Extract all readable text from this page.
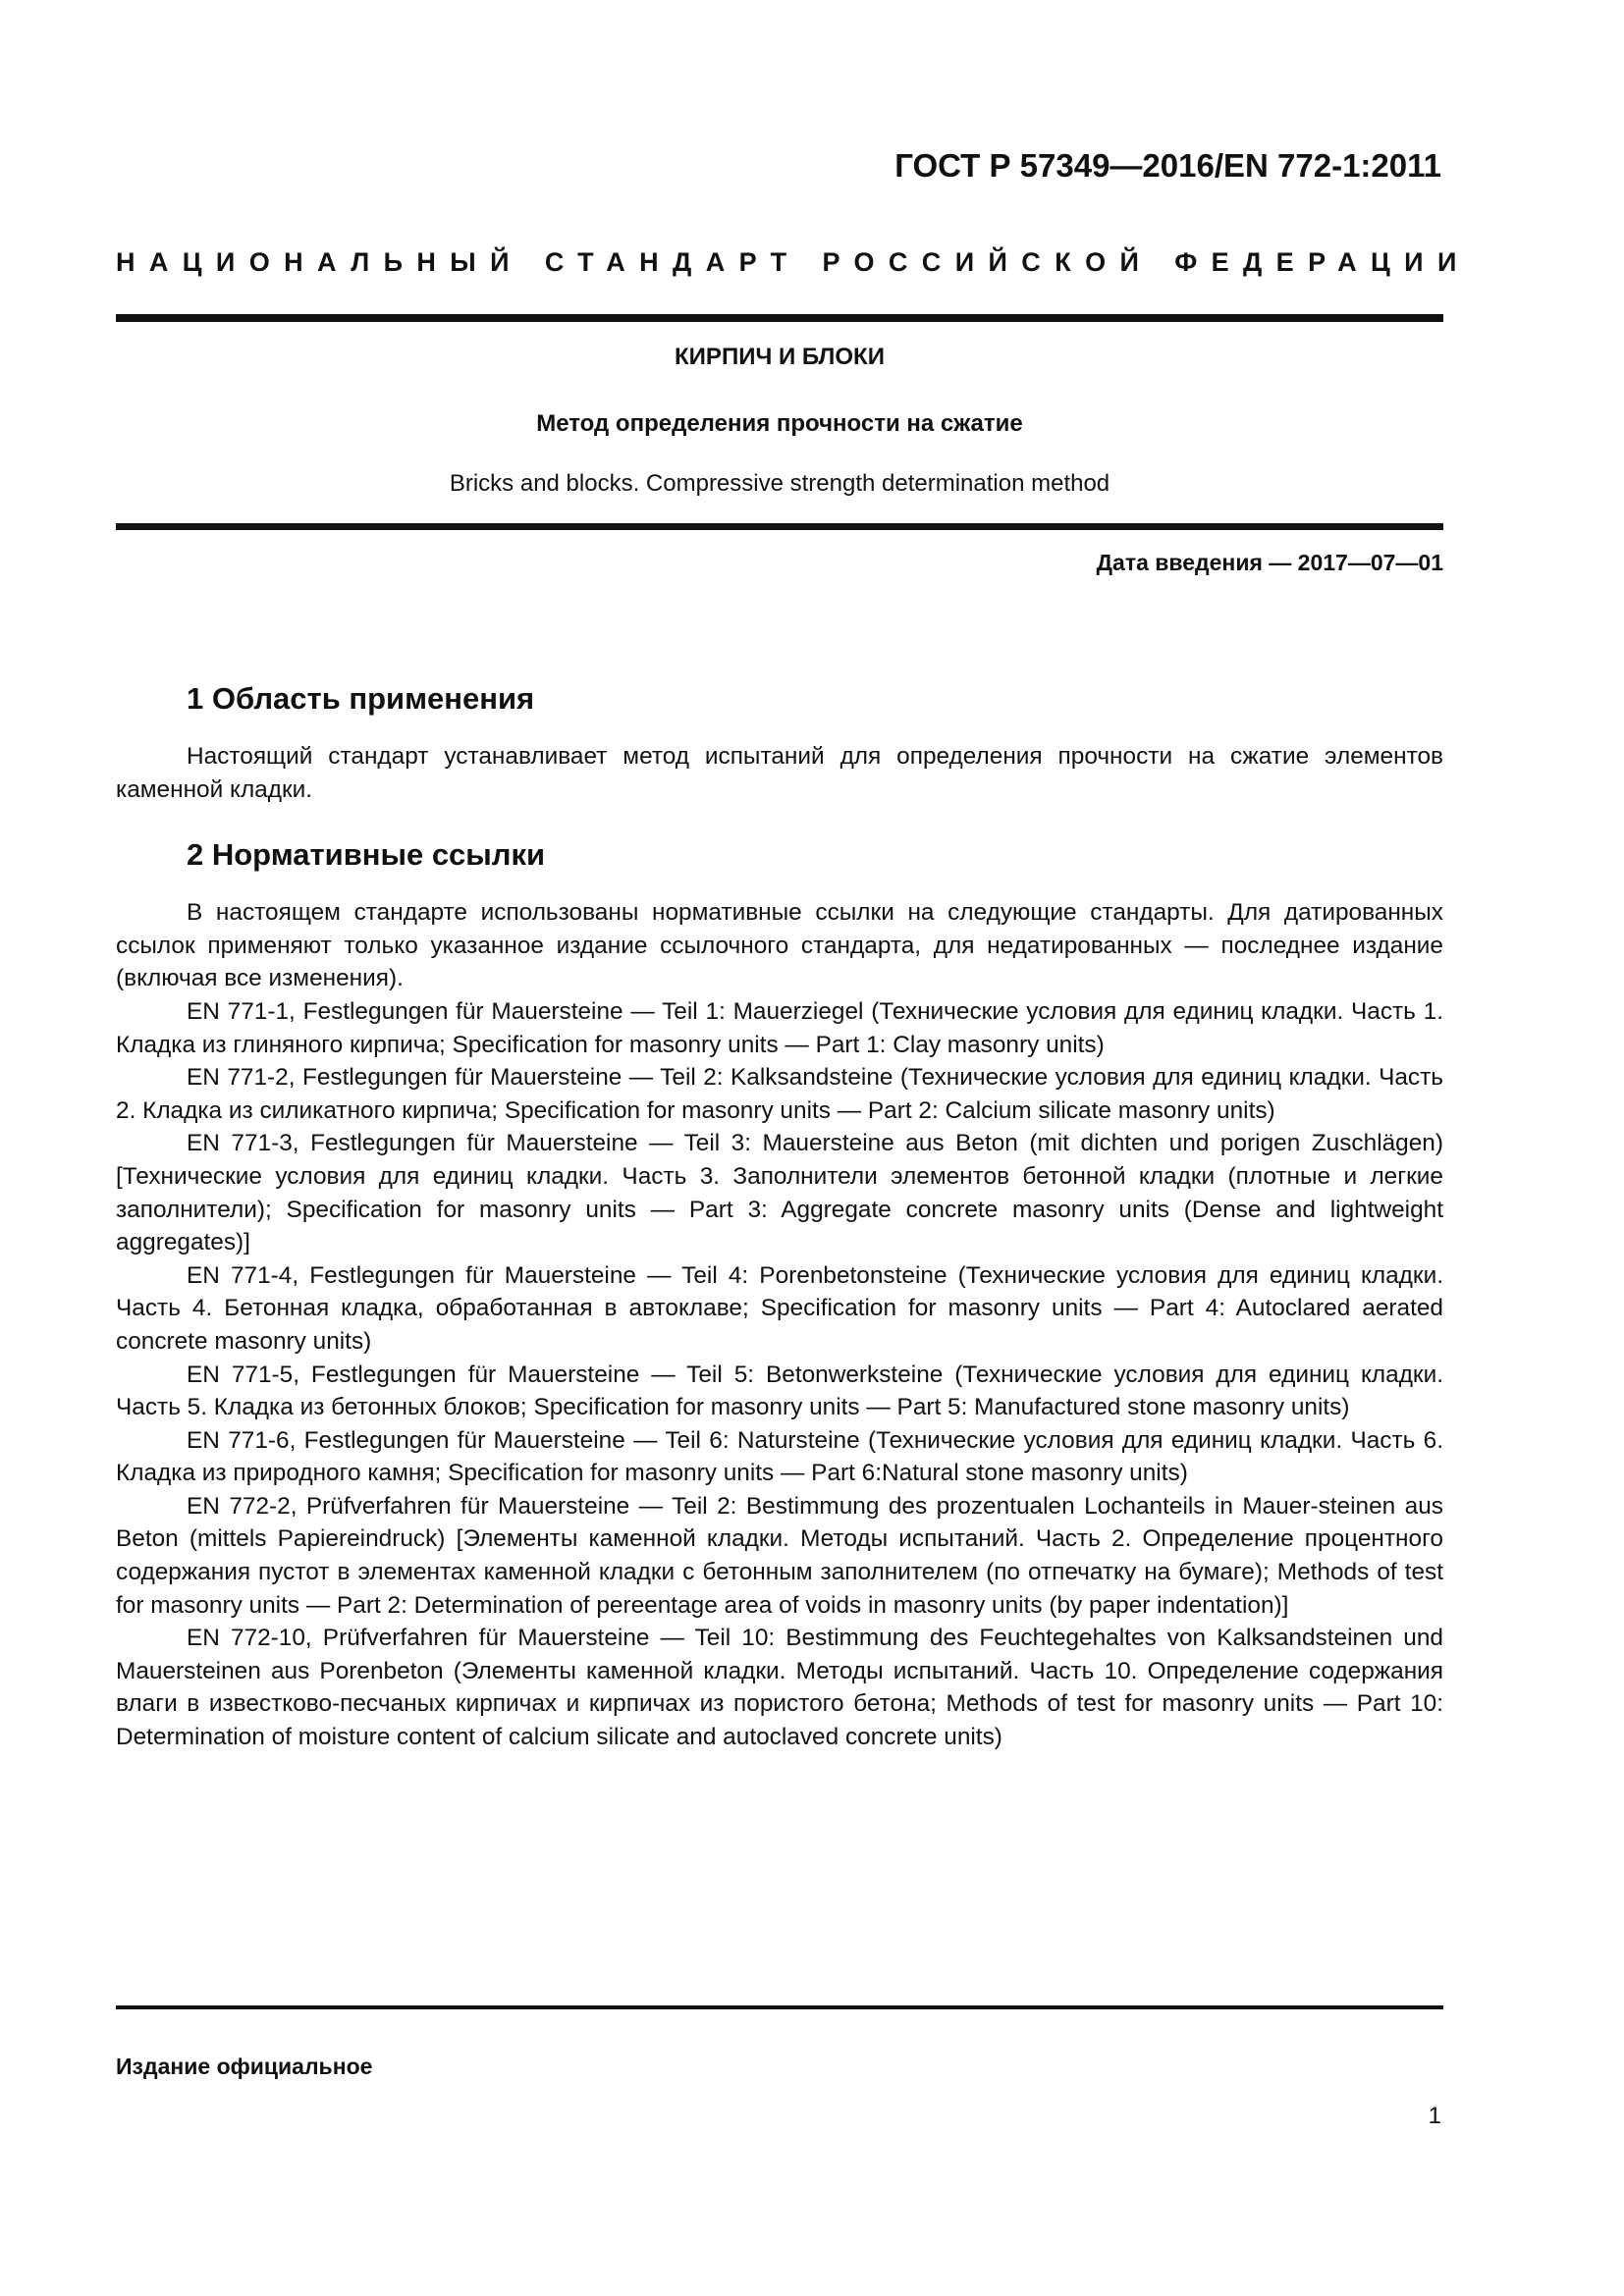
ГОСТ Р 57349—2016/EN 772-1:2011
НАЦИОНАЛЬНЫЙ СТАНДАРТ РОССИЙСКОЙ ФЕДЕРАЦИИ
КИРПИЧ И БЛОКИ
Метод определения прочности на сжатие
Bricks and blocks. Compressive strength determination method
Дата введения — 2017—07—01
1 Область применения

Настоящий стандарт устанавливает метод испытаний для определения прочности на сжатие элементов каменной кладки.

2 Нормативные ссылки

В настоящем стандарте использованы нормативные ссылки на следующие стандарты. Для датированных ссылок применяют только указанное издание ссылочного стандарта, для недатированных — последнее издание (включая все изменения).

EN 771-1, Festlegungen für Mauersteine — Teil 1: Mauerziegel (Технические условия для единиц кладки. Часть 1. Кладка из глиняного кирпича; Specification for masonry units — Part 1: Clay masonry units)

EN 771-2, Festlegungen für Mauersteine — Teil 2: Kalksandsteine (Технические условия для единиц кладки. Часть 2. Кладка из силикатного кирпича; Specification for masonry units — Part 2: Calcium silicate masonry units)

EN 771-3, Festlegungen für Mauersteine — Teil 3: Mauersteine aus Beton (mit dichten und porigen Zuschlägen) [Технические условия для единиц кладки. Часть 3. Заполнители элементов бетонной кладки (плотные и легкие заполнители); Specification for masonry units — Part 3: Aggregate concrete masonry units (Dense and lightweight aggregates)]

EN 771-4, Festlegungen für Mauersteine — Teil 4: Porenbetonsteine (Технические условия для единиц кладки. Часть 4. Бетонная кладка, обработанная в автоклаве; Specification for masonry units — Part 4: Autoclared aerated concrete masonry units)

EN 771-5, Festlegungen für Mauersteine — Teil 5: Betonwerksteine (Технические условия для единиц кладки. Часть 5. Кладка из бетонных блоков; Specification for masonry units — Part 5: Manufactured stone masonry units)

EN 771-6, Festlegungen für Mauersteine — Teil 6: Natursteine (Технические условия для единиц кладки. Часть 6. Кладка из природного камня; Specification for masonry units — Part 6:Natural stone masonry units)

EN 772-2, Prüfverfahren für Mauersteine — Teil 2: Bestimmung des prozentualen Lochanteils in Mauer-steinen aus Beton (mittels Papiereindruck) [Элементы каменной кладки. Методы испытаний. Часть 2. Определение процентного содержания пустот в элементах каменной кладки с бетонным заполнителем (по отпечатку на бумаге); Methods of test for masonry units — Part 2: Determination of pereentage area of voids in masonry units (by paper indentation)]

EN 772-10, Prüfverfahren für Mauersteine — Teil 10: Bestimmung des Feuchtegehaltes von Kalksandsteinen und Mauersteinen aus Porenbeton (Элементы каменной кладки. Методы испытаний. Часть 10. Определение содержания влаги в известково-песчаных кирпичах и кирпичах из пористого бетона; Methods of test for masonry units — Part 10: Determination of moisture content of calcium silicate and autoclaved concrete units)

Издание официальное
1
